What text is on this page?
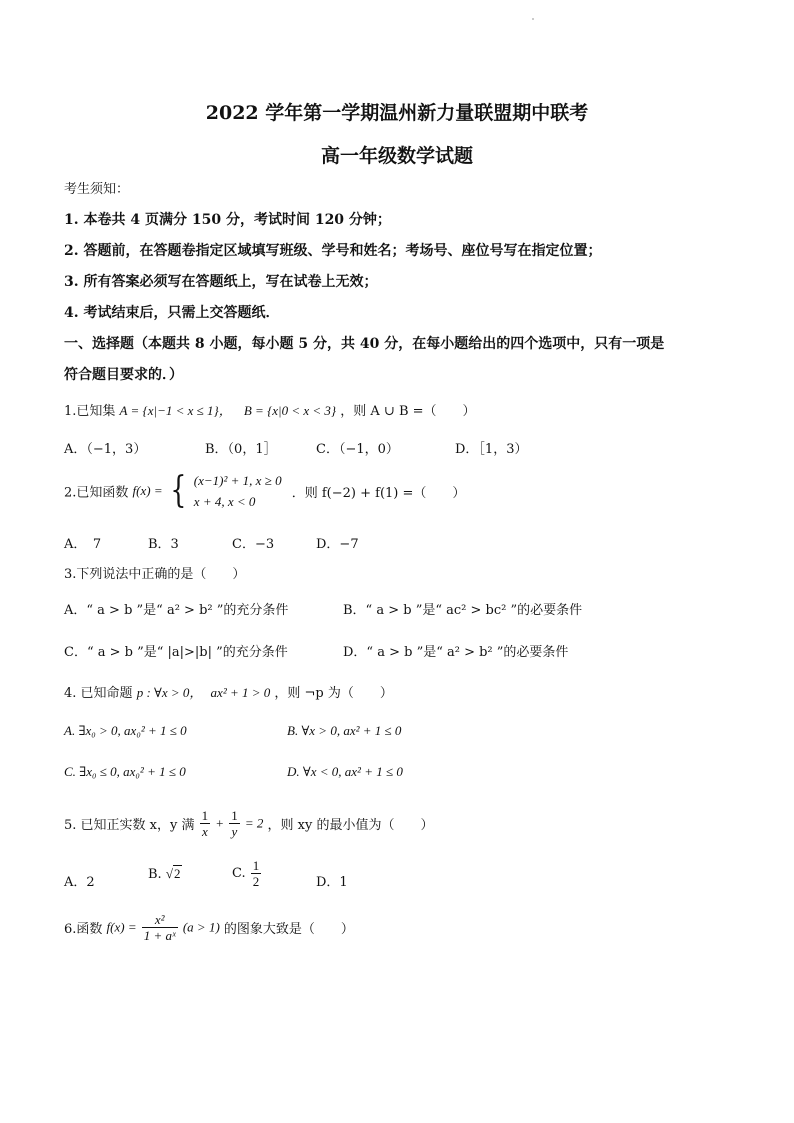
2022 学年第一学期温州新力量联盟期中联考
高一年级数学试题
考生须知：
1. 本卷共 4 页满分 150 分，考试时间 120 分钟；
2. 答题前，在答题卷指定区域填写班级、学号和姓名；考场号、座位号写在指定位置；
3. 所有答案必须写在答题纸上，写在试卷上无效；
4. 考试结束后，只需上交答题纸．
一、选择题（本题共 8 小题，每小题 5 分，共 40 分，在每小题给出的四个选项中，只有一项是
符合题目要求的．）
1.已知集 A = {x|−1 < x ≤ 1}， B = {x|0 < x < 3} ，则 A ∪ B =（　　）
A．（−1，3）	B．（0，1］	C．（−1，0）	D．［1，3）
2.已知函数 f(x) = { (x−1)² + 1, x ≥ 0
x + 4, x < 0
．则 f(−2) + f(1) =（　　）
A．　7	B．3	C．−3	D．−7
3.下列说法中正确的是（　　）
A．“ a > b ”是“ a² > b² ”的充分条件	B．“ a > b ”是“ ac² > bc² ”的必要条件
C．“ a > b ”是“ |a|>|b| ”的充分条件	D．“ a > b ”是“ a² > b² ”的必要条件
4. 已知命题 p : ∀x > 0， ax² + 1 > 0 ，则 ¬p 为（　　）
A. ∃x₀ > 0, ax₀² + 1 ≤ 0	B. ∀x > 0, ax² + 1 ≤ 0
C. ∃x₀ ≤ 0, ax₀² + 1 ≤ 0	D. ∀x < 0, ax² + 1 ≤ 0
5. 已知正实数 x，y 满 $\frac{1}{x} + \frac{1}{y} = 2$ ，则 xy 的最小值为（　　）
A．2
B. √2	C. $\frac{1}{2}$	D．1
6.函数 $f(x) = \frac{\text{x²}}{\text{1 + aˣ}} (a > 1)$ 的图象大致是（　　）
